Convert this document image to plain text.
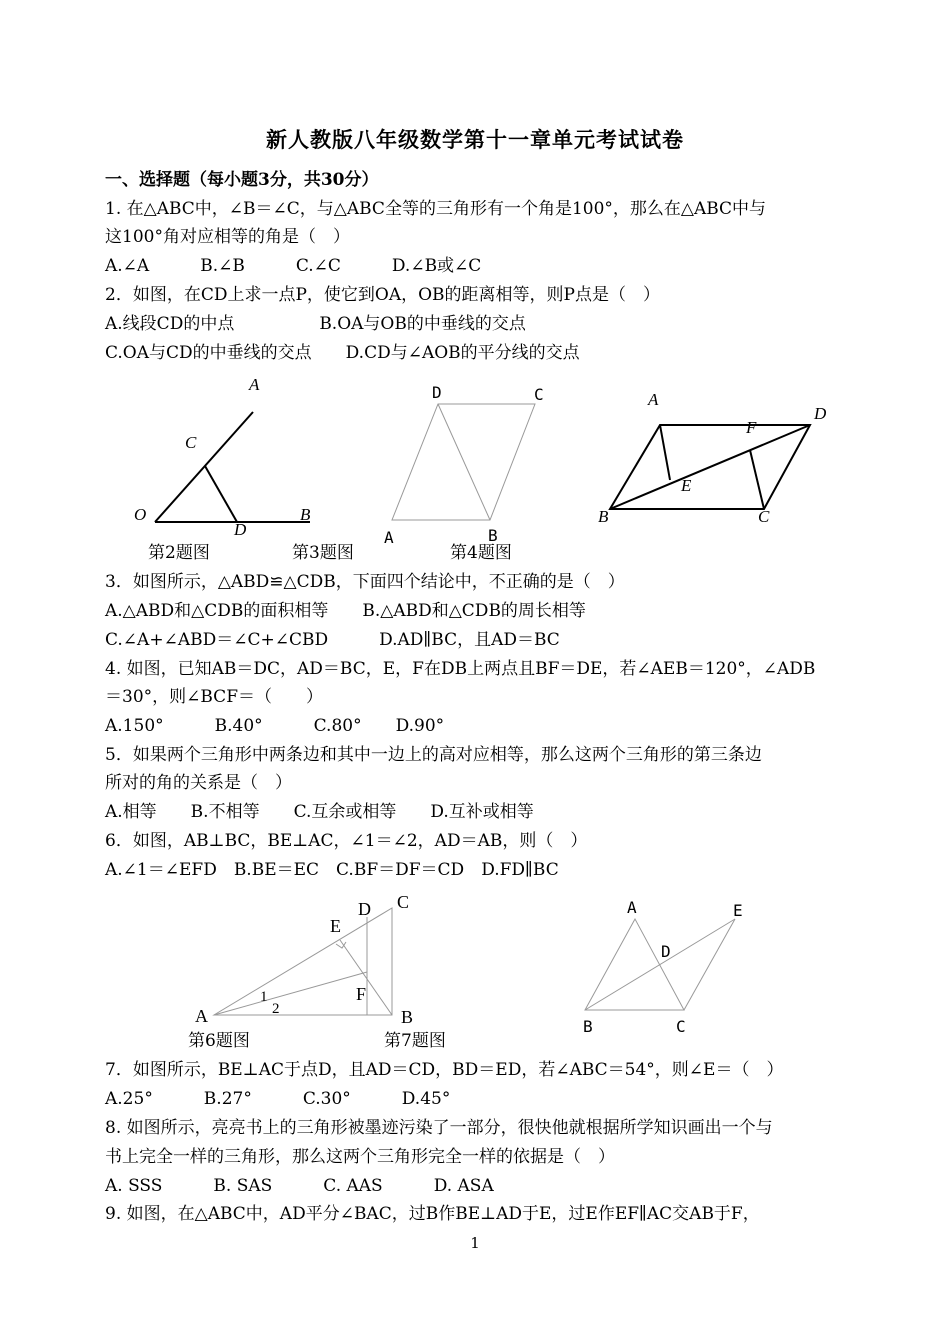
新人教版八年级数学第十一章单元考试试卷
一、选择题（每小题3分，共30分）
1. 在△ABC中，∠B＝∠C，与△ABC全等的三角形有一个角是100°，那么在△ABC中与
这100°角对应相等的角是（　）
A.∠A　　　B.∠B　　　C.∠C　　　D.∠B或∠C
2．如图，在CD上求一点P，使它到OA，OB的距离相等，则P点是（　）
A.线段CD的中点　　　　　B.OA与OB的中垂线的交点
C.OA与CD的中垂线的交点　　D.CD与∠AOB的平分线的交点
A
C
O
D
B
D	C
A	B
A
D
F
E
B	C
第2题图	第3题图	第4题图
3．如图所示，△ABD≌△CDB，下面四个结论中，不正确的是（　）
A.△ABD和△CDB的面积相等　　B.△ABD和△CDB的周长相等
C.∠A+∠ABD＝∠C+∠CBD　　　D.AD∥BC，且AD＝BC
4. 如图，已知AB＝DC，AD＝BC，E，F在DB上两点且BF＝DE，若∠AEB＝120°，∠ADB
＝30°，则∠BCF＝（　　）
A.150°　　　B.40°　　　C.80°　　D.90°
5．如果两个三角形中两条边和其中一边上的高对应相等，那么这两个三角形的第三条边
所对的角的关系是（　）
A.相等　　B.不相等　　C.互余或相等　　D.互补或相等
6．如图，AB⊥BC，BE⊥AC，∠1＝∠2，AD＝AB，则（　）
A.∠1＝∠EFD　B.BE＝EC　C.BF＝DF＝CD　D.FD∥BC
C
D
E
F
1
2
A	B
A	E
D
B	C
第6题图	第7题图
7．如图所示，BE⊥AC于点D，且AD＝CD，BD＝ED，若∠ABC＝54°，则∠E＝（　）
A.25°　　　B.27°　　　C.30°　　　D.45°
8. 如图所示，亮亮书上的三角形被墨迹污染了一部分，很快他就根据所学知识画出一个与
书上完全一样的三角形，那么这两个三角形完全一样的依据是（　）
A. SSS　　　B. SAS　　　C. AAS　　　D. ASA
9. 如图，在△ABC中，AD平分∠BAC，过B作BE⊥AD于E，过E作EF∥AC交AB于F，
1
